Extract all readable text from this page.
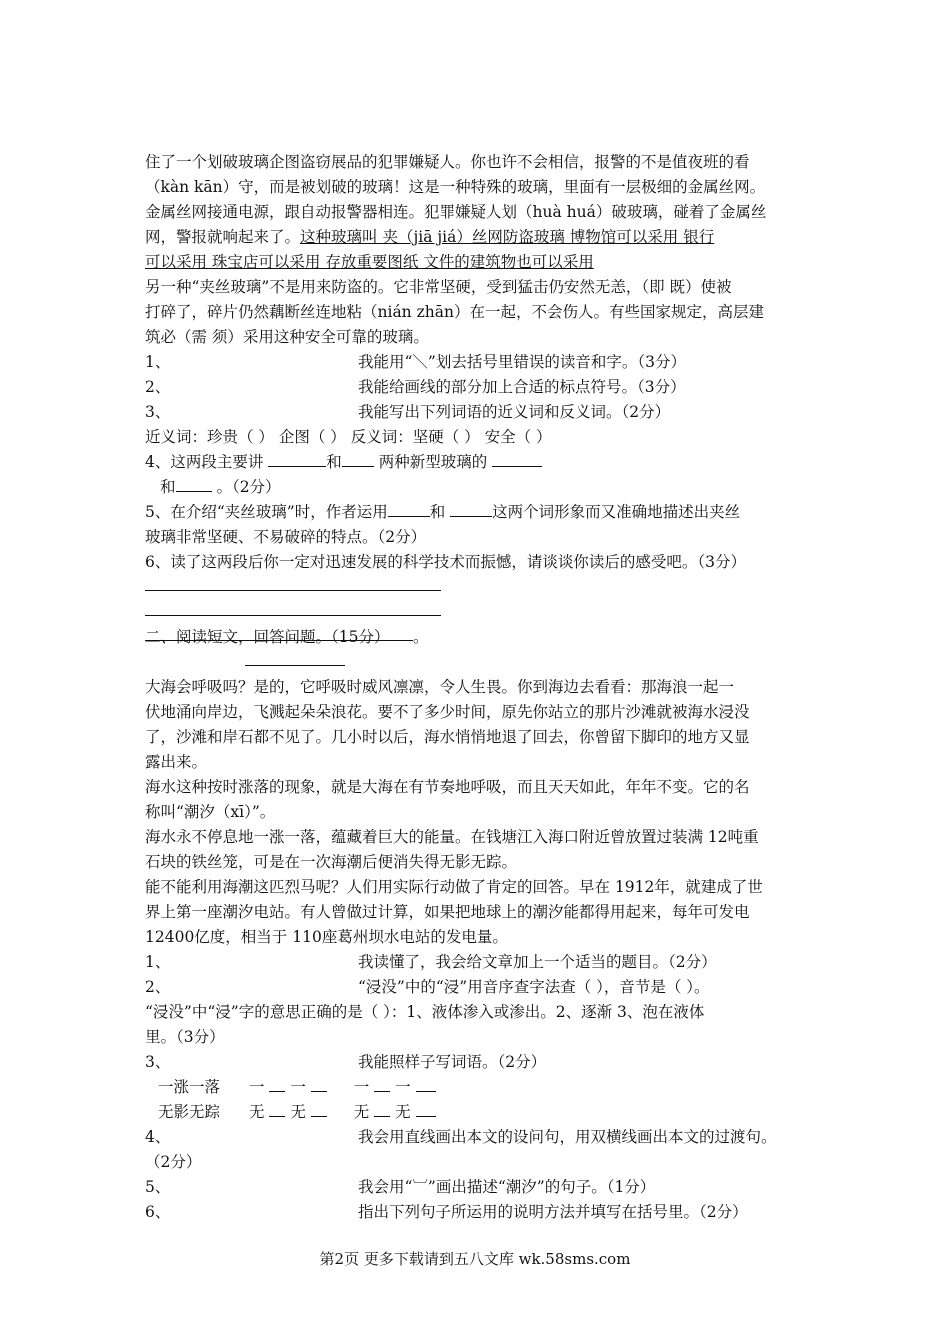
住了一个划破玻璃企图盗窃展品的犯罪嫌疑人。你也许不会相信，报警的不是值夜班的看
（kàn kān）守，而是被划破的玻璃！这是一种特殊的玻璃，里面有一层极细的金属丝网。
金属丝网接通电源，跟自动报警器相连。犯罪嫌疑人划（huà huá）破玻璃，碰着了金属丝
网，警报就响起来了。这种玻璃叫 夹（jiā jiá）丝网防盗玻璃 博物馆可以采用 银行
可以采用 珠宝店可以采用 存放重要图纸 文件的建筑物也可以采用
另一种“夹丝玻璃”不是用来防盗的。它非常坚硬，受到猛击仍安然无恙，（即 既）使被
打碎了，碎片仍然藕断丝连地粘（nián zhān）在一起，不会伤人。有些国家规定，高层建
筑必（需 须）采用这种安全可靠的玻璃。
1、	我能用“＼”划去括号里错误的读音和字。（3分）
2、	我能给画线的部分加上合适的标点符号。（3分）
3、	我能写出下列词语的近义词和反义词。（2分）
近义词：珍贵（ ） 企图（ ） 反义词：坚硬（ ） 安全（ ）
4、这两段主要讲	和 两种新型玻璃的
和 。（2分）
5、在介绍“夹丝玻璃”时，作者运用	和	这两个词形象而又准确地描述出夹丝
玻璃非常坚硬、不易破碎的特点。（2分）
6、读了这两段后你一定对迅速发展的科学技术而振憾，请谈谈你读后的感受吧。（3分）
。
二、阅读短文，回答问题。（15分）
大海会呼吸吗？是的，它呼吸时威风凛凛，令人生畏。你到海边去看看：那海浪一起一
伏地涌向岸边，飞溅起朵朵浪花。要不了多少时间，原先你站立的那片沙滩就被海水浸没
了，沙滩和岸石都不见了。几小时以后，海水悄悄地退了回去，你曾留下脚印的地方又显
露出来。
海水这种按时涨落的现象，就是大海在有节奏地呼吸，而且天天如此，年年不变。它的名
称叫“潮汐（xī）”。
海水永不停息地一涨一落，蕴藏着巨大的能量。在钱塘江入海口附近曾放置过装满 12吨重
石块的铁丝笼，可是在一次海潮后便消失得无影无踪。
能不能利用海潮这匹烈马呢？人们用实际行动做了肯定的回答。早在 1912年，就建成了世
界上第一座潮汐电站。有人曾做过计算，如果把地球上的潮汐能都得用起来，每年可发电
12400亿度，相当于 110座葛州坝水电站的发电量。
1、	我读懂了，我会给文章加上一个适当的题目。（2分）
2、	“浸没”中的“浸”用音序查字法查（ ），音节是（ ）。
“浸没”中“浸”字的意思正确的是（ ）：1、液体渗入或渗出。2、逐渐 3、泡在液体
里。（3分）
3、	我能照样子写词语。（2分）
一涨一落 一 一	一 一
无影无踪 无 无	无 无
4、	我会用直线画出本文的设问句，用双横线画出本文的过渡句。
（2分）
5、	我会用“︺”画出描述“潮汐”的句子。（1分）
6、	指出下列句子所运用的说明方法并填写在括号里。（2分）
第2页 更多下载请到五八文库 wk.58sms.com
